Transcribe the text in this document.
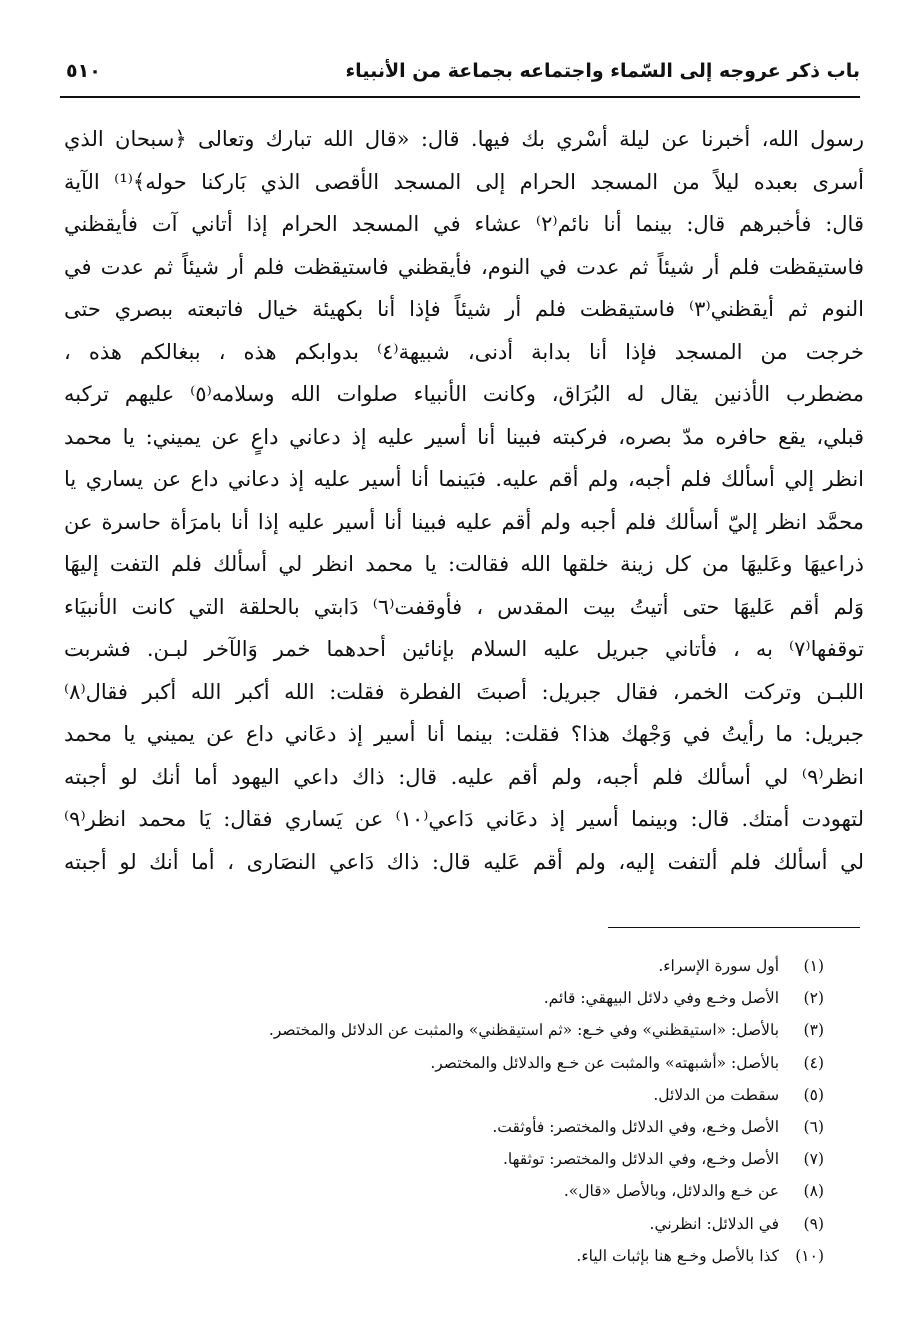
باب ذكر عروجه إلى السّماء واجتماعه بجماعة من الأنبياء
٥١٠
رسول الله، أخبرنا عن ليلة أسْري بك فيها. قال: «قال الله تبارك وتعالى ﴿سبحان الذي
أسرى بعبده ليلاً من المسجد الحرام إلى المسجد الأقصى الذي بَاركنا حوله﴾⁽¹⁾ الآية
قال: فأخبرهم قال: بينما أنا نائم⁽٢⁾ عشاء في المسجد الحرام إذا أتاني آت فأيقظني
فاستيقظت فلم أر شيئاً ثم عدت في النوم، فأيقظني فاستيقظت فلم أر شيئاً ثم عدت في
النوم ثم أيقظني⁽٣⁾ فاستيقظت فلم أر شيئاً فإذا أنا بكهيئة خيال فاتبعته ببصري حتى
خرجت من المسجد فإذا أنا بدابة أدنى، شبيهة⁽٤⁾ بدوابكم هذه ، ببغالكم هذه ،
مضطرب الأذنين يقال له البُرَاق، وكانت الأنبياء صلوات الله وسلامه⁽٥⁾ عليهم تركبه
قبلي، يقع حافره مدّ بصره، فركبته فبينا أنا أسير عليه إذ دعاني داعٍ عن يميني: يا محمد
انظر إلي أسألك فلم أجبه، ولم أقم عليه. فبَينما أنا أسير عليه إذ دعاني داع عن يساري يا
محمَّد انظر إليّ أسألك فلم أجبه ولم أقم عليه فبينا أنا أسير عليه إذا أنا بامرَأة حاسرة عن
ذراعيهَا وعَليهَا من كل زينة خلقها الله فقالت: يا محمد انظر لي أسألك فلم التفت إليهَا
وَلم أقم عَليهَا حتى أتيتُ بيت المقدس ، فأوقفت⁽٦⁾ دَابتي بالحلقة التي كانت الأنبيَاء
توقفها⁽٧⁾ به ، فأتاني جبريل عليه السلام بإنائين أحدهما خمر وَالآخر لبـن. فشربت
اللبـن وتركت الخمر، فقال جبريل: أصبتَ الفطرة فقلت: الله أكبر الله أكبر فقال⁽٨⁾
جبريل: ما رأيتُ في وَجْهك هذا؟ فقلت: بينما أنا أسير إذ دعَاني داع عن يميني يا محمد
انظر⁽٩⁾ لي أسألك فلم أجبه، ولم أقم عليه. قال: ذاك داعي اليهود أما أنك لو أجبته
لتهودت أمتك. قال: وبينما أسير إذ دعَاني دَاعي⁽١٠⁾ عن يَساري فقال: يَا محمد انظر⁽٩⁾
لي أسألك فلم ألتفت إليه، ولم أقم عَليه قال: ذاك دَاعي النصَارى ، أما أنك لو أجبته
(١) أول سورة الإسراء.
(٢) الأصل وخـع وفي دلائل البيهقي: قائم.
(٣) بالأصل: «استيقظني» وفي خـع: «ثم استيقظني» والمثبت عن الدلائل والمختصر.
(٤) بالأصل: «أشبهته» والمثبت عن خـع والدلائل والمختصر.
(٥) سقطت من الدلائل.
(٦) الأصل وخـع، وفي الدلائل والمختصر: فأوثقت.
(٧) الأصل وخـع، وفي الدلائل والمختصر: توثقها.
(٨) عن خـع والدلائل، وبالأصل «قال».
(٩) في الدلائل: انظرني.
(١٠) كذا بالأصل وخـع هنا بإثبات الياء.
